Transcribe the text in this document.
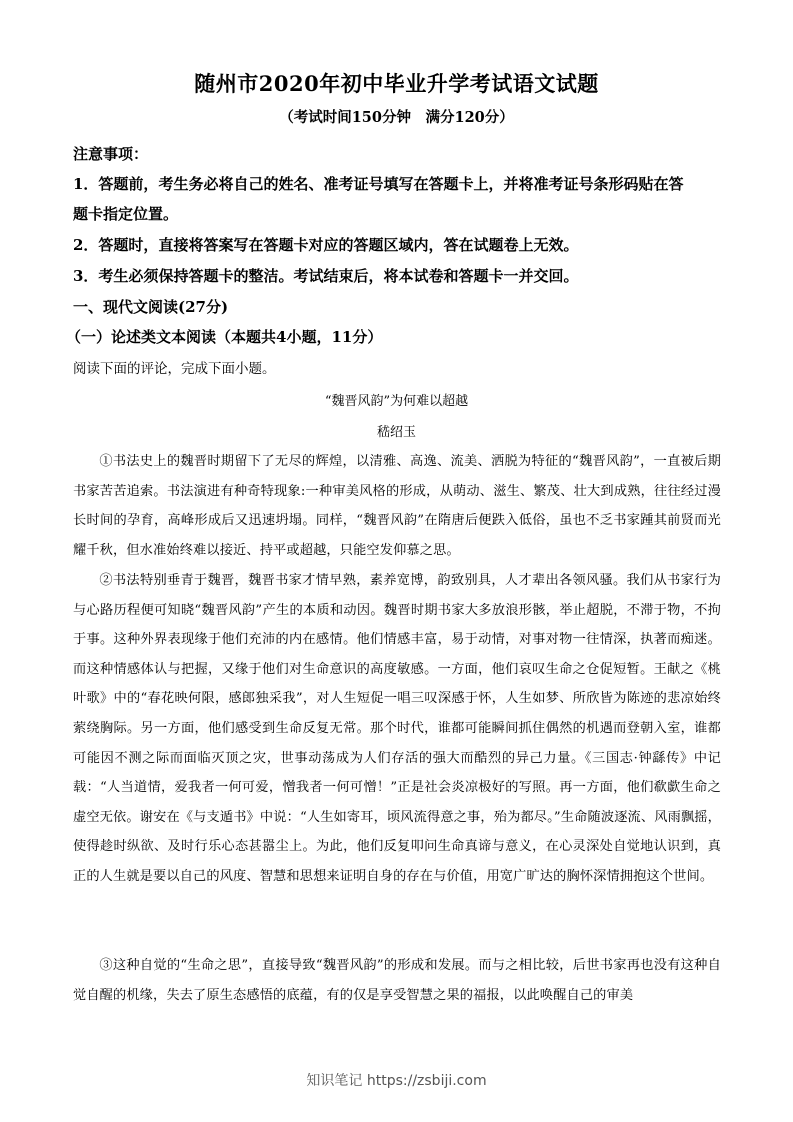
随州市2020年初中毕业升学考试语文试题
（考试时间150分钟　满分120分）
注意事项：
1．答题前，考生务必将自己的姓名、准考证号填写在答题卡上，并将准考证号条形码贴在答
题卡指定位置。
2．答题时，直接将答案写在答题卡对应的答题区域内，答在试题卷上无效。
3．考生必须保持答题卡的整洁。考试结束后，将本试卷和答题卡一并交回。
一、现代文阅读(27分)
（一）论述类文本阅读（本题共4小题，11分）
阅读下面的评论，完成下面小题。
“魏晋风韵”为何难以超越
嵇绍玉
①书法史上的魏晋时期留下了无尽的辉煌，以清雅、高逸、流美、洒脱为特征的“魏晋风韵”，一直被后期书家苦苦追索。书法演进有种奇特现象:一种审美风格的形成，从萌动、滋生、繁茂、壮大到成熟，往往经过漫长时间的孕育，高峰形成后又迅速坍塌。同样，“魏晋风韵”在隋唐后便跌入低俗，虽也不乏书家踵其前贤而光耀千秋，但水准始终难以接近、持平或超越，只能空发仰慕之思。
②书法特别垂青于魏晋，魏晋书家才情早熟，素养宽博，韵致别具，人才辈出各领风骚。我们从书家行为与心路历程便可知晓“魏晋风韵”产生的本质和动因。魏晋时期书家大多放浪形骸，举止超脱，不滞于物，不拘于事。这种外界表现缘于他们充沛的内在感情。他们情感丰富，易于动情，对事对物一往情深，执著而痴迷。而这种情感体认与把握，又缘于他们对生命意识的高度敏感。一方面，他们哀叹生命之仓促短暂。王献之《桃叶歌》中的“春花映何限，感郎独采我”，对人生短促一唱三叹深感于怀，人生如梦、所欣皆为陈迹的悲凉始终萦绕胸际。另一方面，他们感受到生命反复无常。那个时代，谁都可能瞬间抓住偶然的机遇而登朝入室，谁都可能因不测之际而面临灭顶之灾，世事动荡成为人们存活的强大而酷烈的异己力量。《三国志·钟繇传》中记载：“人当道情，爱我者一何可爱，憎我者一何可憎！”正是社会炎凉极好的写照。再一方面，他们欷歔生命之虚空无依。谢安在《与支遁书》中说：“人生如寄耳，顷风流得意之事，殆为都尽。”生命随波逐流、风雨飘摇，使得趁时纵欲、及时行乐心态甚嚣尘上。为此，他们反复叩问生命真谛与意义，在心灵深处自觉地认识到，真正的人生就是要以自己的风度、智慧和思想来证明自身的存在与价值，用宽广旷达的胸怀深情拥抱这个世间。
③这种自觉的“生命之思”，直接导致“魏晋风韵”的形成和发展。而与之相比较，后世书家再也没有这种自觉自醒的机缘，失去了原生态感悟的底蕴，有的仅是享受智慧之果的福报，以此唤醒自己的审美
知识笔记 https://zsbiji.com
